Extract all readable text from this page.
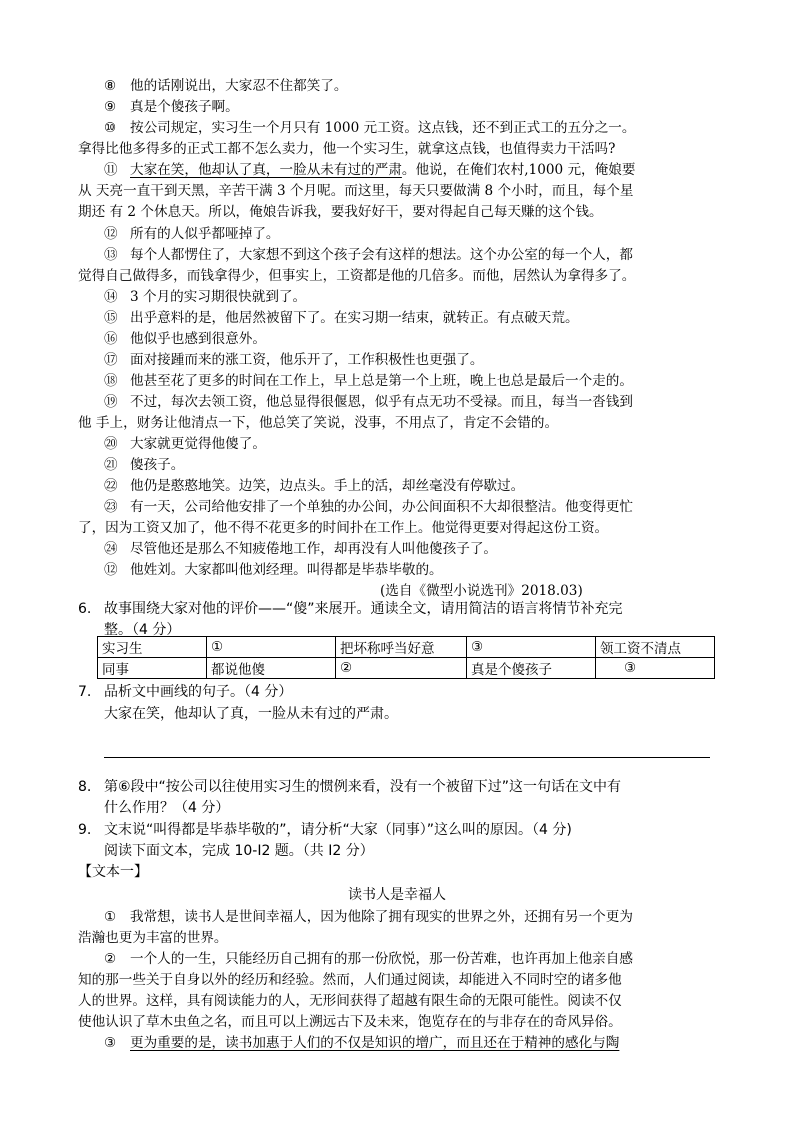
⑧ 他的话刚说出，大家忍不住都笑了。
⑨ 真是个傻孩子啊。
⑩ 按公司规定，实习生一个月只有 1000 元工资。这点钱，还不到正式工的五分之一。
拿得比他多得多的正式工都不怎么卖力，他一个实习生，就拿这点钱，也值得卖力干活吗?
⑪ 大家在笑，他却认了真，一脸从未有过的严肃。他说，在俺们农村,1000 元，俺娘要
从 天亮一直干到天黑，辛苦干满 3 个月呢。而这里，每天只要做满 8 个小时，而且，每个星
期还 有 2 个休息天。所以，俺娘告诉我，要我好好干，要对得起自己每天赚的这个钱。
⑫ 所有的人似乎都哑掉了。
⑬ 每个人都愣住了，大家想不到这个孩子会有这样的想法。这个办公室的每一个人，都
觉得自己做得多，而钱拿得少，但事实上，工资都是他的几倍多。而他，居然认为拿得多了。
⑭ 3 个月的实习期很快就到了。
⑮ 出乎意料的是，他居然被留下了。在实习期一结束，就转正。有点破天荒。
⑯ 他似乎也感到很意外。
⑰ 面对接踵而来的涨工资，他乐开了，工作积极性也更强了。
⑱ 他甚至花了更多的时间在工作上，早上总是第一个上班，晚上也总是最后一个走的。
⑲ 不过，每次去领工资，他总显得很偃恩，似乎有点无功不受禄。而且，每当一沓钱到
他 手上，财务让他清点一下，他总笑了笑说，没事，不用点了，肯定不会错的。
⑳ 大家就更觉得他傻了。
㉑ 傻孩子。
㉒ 他仍是憨憨地笑。边笑，边点头。手上的活，却丝毫没有停歇过。
㉓ 有一天，公司给他安排了一个单独的办公间，办公间面积不大却很整洁。他变得更忙
了，因为工资又加了，他不得不花更多的时间扑在工作上。他觉得更要对得起这份工资。
㉔ 尽管他还是那么不知疲倦地工作，却再没有人叫他傻孩子了。
⑫ 他姓刘。大家都叫他刘经理。叫得都是毕恭毕敬的。
(选自《微型小说选刊》2018.03)
6. 故事围绕大家对他的评价——“傻”来展开。通读全文，请用简洁的语言将情节补充完
整。（4 分）
实习生	①	把坏称呼当好意	③	领工资不清点
同事	都说他傻	②	真是个傻孩子	③
7. 品析文中画线的句子。（4 分）
大家在笑，他却认了真，一脸从未有过的严肃。
8. 第⑥段中“按公司以往使用实习生的惯例来看，没有一个被留下过”这一句话在文中有
什么作用？（4 分）
9. 文末说“叫得都是毕恭毕敬的”，请分析“大家（同事）”这么叫的原因。（4 分)
阅读下面文本，完成 10-I2 题。（共 I2 分）
【文本一】
读书人是幸福人
① 我常想，读书人是世间幸福人，因为他除了拥有现实的世界之外，还拥有另一个更为
浩瀚也更为丰富的世界。
② 一个人的一生，只能经历自己拥有的那一份欣悦，那一份苦难，也许再加上他亲自感
知的那一些关于自身以外的经历和经验。然而，人们通过阅读，却能进入不同时空的诸多他
人的世界。这样，具有阅读能力的人，无形间获得了超越有限生命的无限可能性。阅读不仅
使他认识了草木虫鱼之名，而且可以上溯远古下及未来，饱览存在的与非存在的奇风异俗。
③ 更为重要的是，读书加惠于人们的不仅是知识的增广，而且还在于精神的感化与陶
